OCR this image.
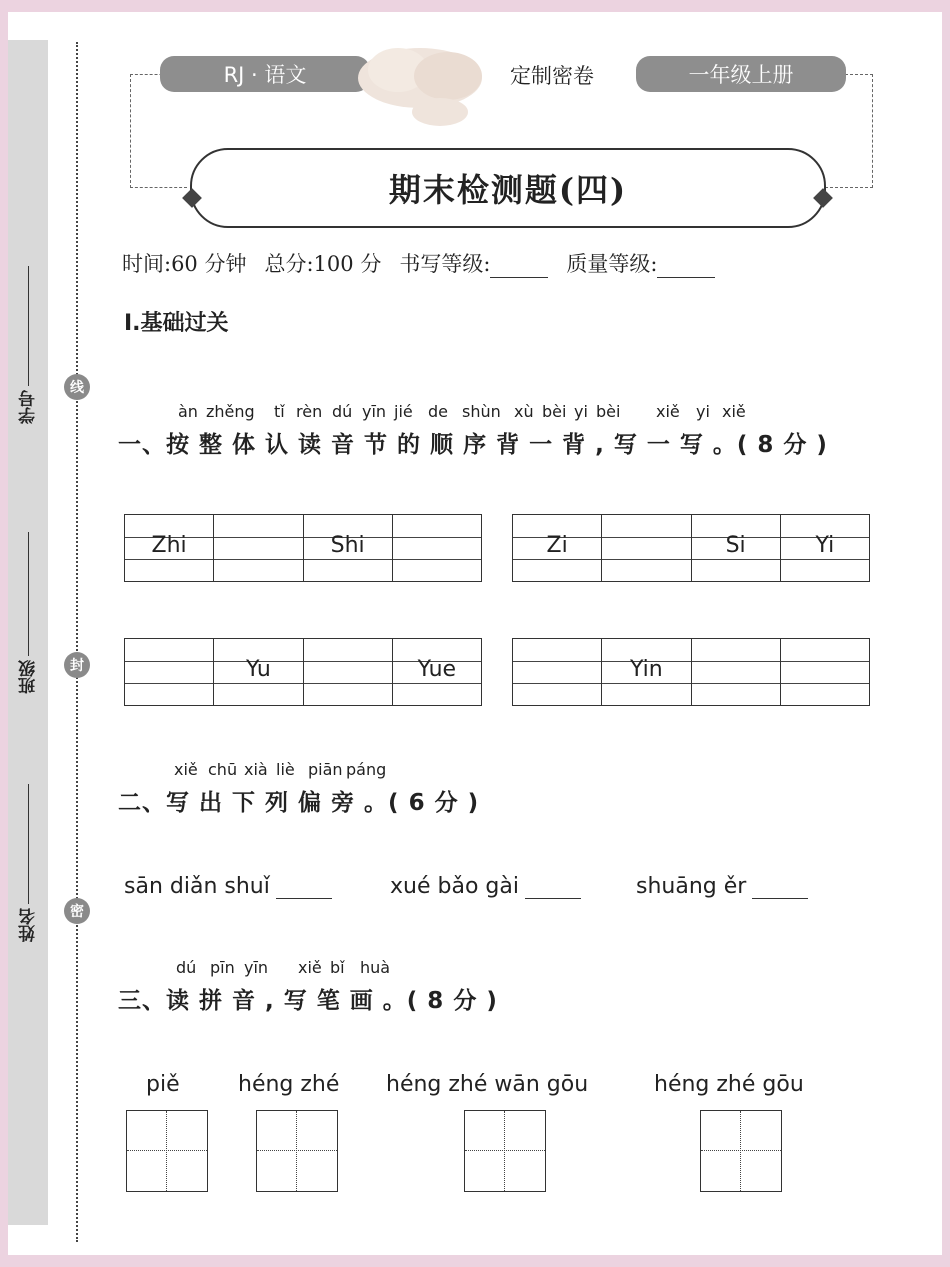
线
封
密
学号
班级
姓名
RJ · 语文	定制密卷	一年级上册
期末检测题(四)
时间:60 分钟 总分:100 分 书写等级:	质量等级:
Ⅰ.基础过关
àn zhěng tǐ rèn dú yīn jié de shùn xù bèi yi bèi xiě yi xiě
一、按 整 体 认 读 音 节 的 顺 序 背 一 背 , 写 一 写 。( 8 分 )
Zhi	Shi	Zi	Si	Yi
Yu	Yue	Yin
xiě chū xià liè piān páng
二、写 出 下 列 偏 旁 。( 6 分 )
sān diǎn shuǐ	xué bǎo gài	shuāng ěr
dú pīn yīn xiě bǐ huà
三、读 拼 音 , 写 笔 画 。( 8 分 )
piě	héng zhé héng zhé wān gōu	héng zhé gōu
